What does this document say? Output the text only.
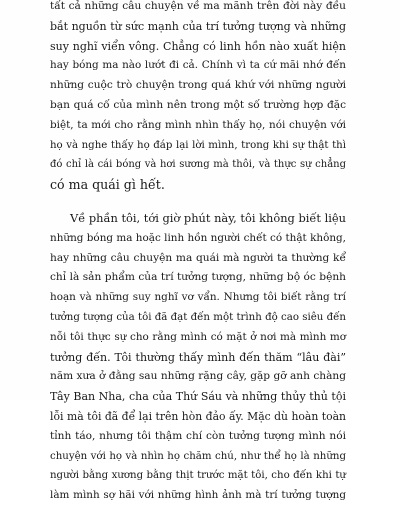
tất cả những câu chuyện về ma mãnh trên đời này đều
bắt nguồn từ sức mạnh của trí tưởng tượng và những
suy nghĩ viển vông. Chẳng có linh hồn nào xuất hiện
hay bóng ma nào lướt đi cả. Chính vì ta cứ mãi nhớ đến
những cuộc trò chuyện trong quá khứ với những người
bạn quá cố của mình nên trong một số trường hợp đặc
biệt, ta mới cho rằng mình nhìn thấy họ, nói chuyện với
họ và nghe thấy họ đáp lại lời mình, trong khi sự thật thì
đó chỉ là cái bóng và hơi sương mà thôi, và thực sự chẳng
có ma quái gì hết.

Về phần tôi, tới giờ phút này, tôi không biết liệu
những bóng ma hoặc linh hồn người chết có thật không,
hay những câu chuyện ma quái mà người ta thường kể
chỉ là sản phẩm của trí tưởng tượng, những bộ óc bệnh
hoạn và những suy nghĩ vơ vẩn. Nhưng tôi biết rằng trí
tưởng tượng của tôi đã đạt đến một trình độ cao siêu đến
nỗi tôi thực sự cho rằng mình có mặt ở nơi mà mình mơ
tưởng đến. Tôi thường thấy mình đến thăm “lâu đài”
năm xưa ở đằng sau những rặng cây, gặp gỡ anh chàng
Tây Ban Nha, cha của Thứ Sáu và những thủy thủ tội
lỗi mà tôi đã để lại trên hòn đảo ấy. Mặc dù hoàn toàn
tỉnh táo, nhưng tôi thậm chí còn tưởng tượng mình nói
chuyện với họ và nhìn họ chăm chú, như thể họ là những
người bằng xương bằng thịt trước mặt tôi, cho đến khi tự
làm mình sợ hãi với những hình ảnh mà trí tưởng tượng
